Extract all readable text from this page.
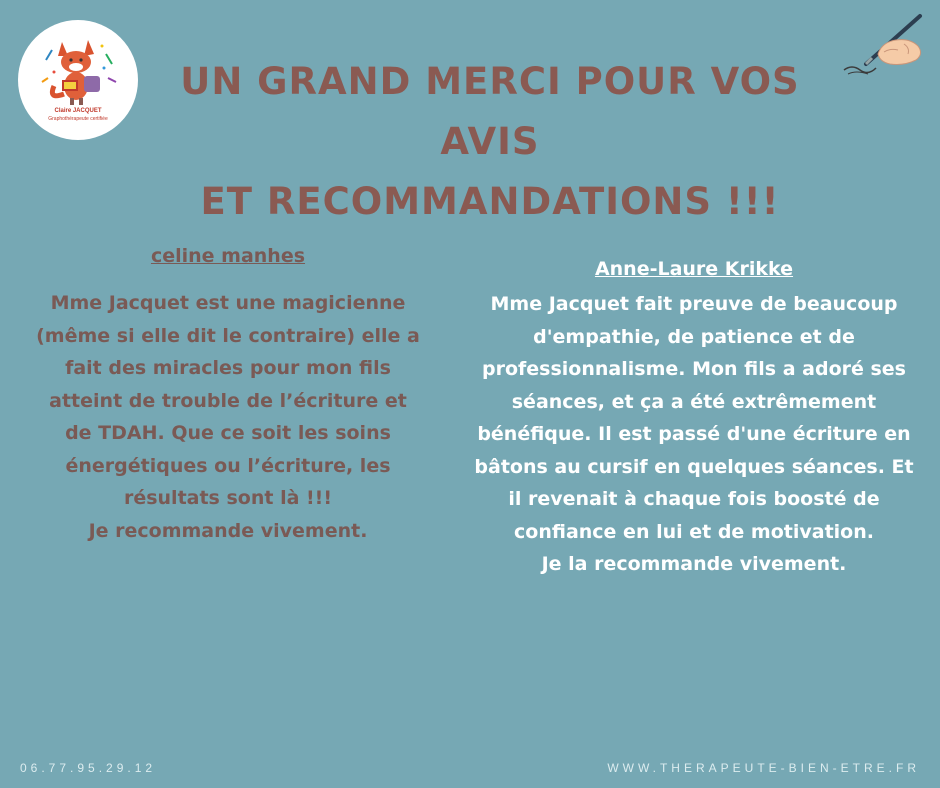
Claire JACQUET
Graphothérapeute certifiée
UN GRAND MERCI POUR VOS AVIS
ET RECOMMANDATIONS !!!

celine manhes

Mme Jacquet est une magicienne

(même si elle dit le contraire) elle a

fait des miracles pour mon fils

atteint de trouble de l’écriture et

de TDAH. Que ce soit les soins

énergétiques ou l’écriture, les

résultats sont là !!!

Je recommande vivement.

Anne-Laure Krikke

Mme Jacquet fait preuve de beaucoup

d'empathie, de patience et de

professionnalisme. Mon fils a adoré ses

séances, et ça a été extrêmement

bénéfique. Il est passé d'une écriture en

bâtons au cursif en quelques séances. Et

il revenait à chaque fois boosté de

confiance en lui et de motivation.

Je la recommande vivement.

06.77.95.29.12	WWW.THERAPEUTE-BIEN-ETRE.FR
